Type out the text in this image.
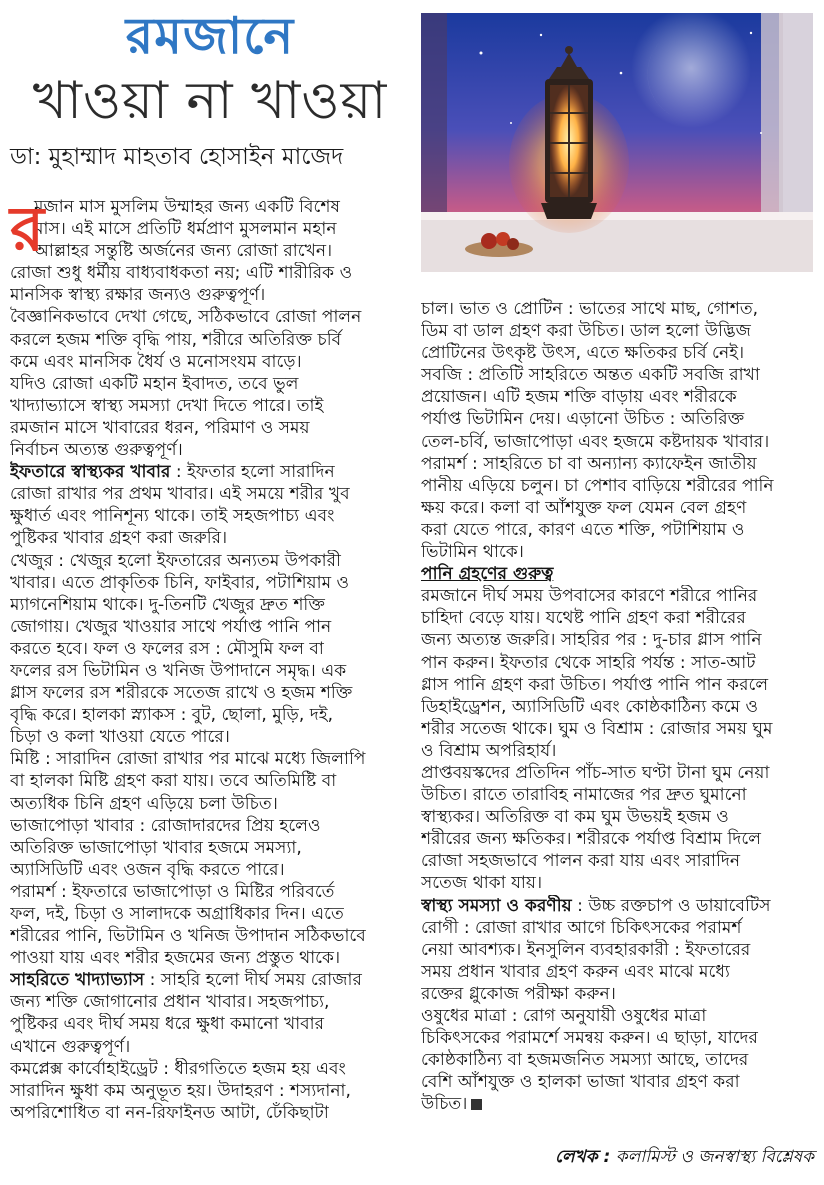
রমজানে
খাওয়া না খাওয়া
ডা: মুহাম্মাদ মাহতাব হোসাইন মাজেদ
র
মজান মাস মুসলিম উম্মাহর জন্য একটি বিশেষ
মাস। এই মাসে প্রতিটি ধর্মপ্রাণ মুসলমান মহান
আল্লাহর সন্তুষ্টি অর্জনের জন্য রোজা রাখেন।
রোজা শুধু ধর্মীয় বাধ্যবাধকতা নয়; এটি শারীরিক ও
মানসিক স্বাস্থ্য রক্ষার জন্যও গুরুত্বপূর্ণ।
বৈজ্ঞানিকভাবে দেখা গেছে, সঠিকভাবে রোজা পালন
করলে হজম শক্তি বৃদ্ধি পায়, শরীরে অতিরিক্ত চর্বি
কমে এবং মানসিক ধৈর্য ও মনোসংযম বাড়ে।
যদিও রোজা একটি মহান ইবাদত, তবে ভুল
খাদ্যাভ্যাসে স্বাস্থ্য সমস্যা দেখা দিতে পারে। তাই
রমজান মাসে খাবারের ধরন, পরিমাণ ও সময়
নির্বাচন অত্যন্ত গুরুত্বপূর্ণ।
ইফতারে স্বাস্থ্যকর খাবার : ইফতার হলো সারাদিন
রোজা রাখার পর প্রথম খাবার। এই সময়ে শরীর খুব
ক্ষুধার্ত এবং পানিশূন্য থাকে। তাই সহজপাচ্য এবং
পুষ্টিকর খাবার গ্রহণ করা জরুরি।
খেজুর : খেজুর হলো ইফতারের অন্যতম উপকারী
খাবার। এতে প্রাকৃতিক চিনি, ফাইবার, পটাশিয়াম ও
ম্যাগনেশিয়াম থাকে। দু-তিনটি খেজুর দ্রুত শক্তি
জোগায়। খেজুর খাওয়ার সাথে পর্যাপ্ত পানি পান
করতে হবে। ফল ও ফলের রস : মৌসুমি ফল বা
ফলের রস ভিটামিন ও খনিজ উপাদানে সমৃদ্ধ। এক
গ্লাস ফলের রস শরীরকে সতেজ রাখে ও হজম শক্তি
বৃদ্ধি করে। হালকা স্ন্যাকস : বুট, ছোলা, মুড়ি, দই,
চিড়া ও কলা খাওয়া যেতে পারে।
মিষ্টি : সারাদিন রোজা রাখার পর মাঝে মধ্যে জিলাপি
বা হালকা মিষ্টি গ্রহণ করা যায়। তবে অতিমিষ্টি বা
অত্যধিক চিনি গ্রহণ এড়িয়ে চলা উচিত।
ভাজাপোড়া খাবার : রোজাদারদের প্রিয় হলেও
অতিরিক্ত ভাজাপোড়া খাবার হজমে সমস্যা,
অ্যাসিডিটি এবং ওজন বৃদ্ধি করতে পারে।
পরামর্শ : ইফতারে ভাজাপোড়া ও মিষ্টির পরিবর্তে
ফল, দই, চিড়া ও সালাদকে অগ্রাধিকার দিন। এতে
শরীরের পানি, ভিটামিন ও খনিজ উপাদান সঠিকভাবে
পাওয়া যায় এবং শরীর হজমের জন্য প্রস্তুত থাকে।
সাহরিতে খাদ্যাভ্যাস : সাহরি হলো দীর্ঘ সময় রোজার
জন্য শক্তি জোগানোর প্রধান খাবার। সহজপাচ্য,
পুষ্টিকর এবং দীর্ঘ সময় ধরে ক্ষুধা কমানো খাবার
এখানে গুরুত্বপূর্ণ।
কমপ্লেক্স কার্বোহাইড্রেট : ধীরগতিতে হজম হয় এবং
সারাদিন ক্ষুধা কম অনুভূত হয়। উদাহরণ : শস্যদানা,
অপরিশোধিত বা নন-রিফাইনড আটা, ঢেঁকিছাটা
চাল। ভাত ও প্রোটিন : ভাতের সাথে মাছ, গোশত,
ডিম বা ডাল গ্রহণ করা উচিত। ডাল হলো উদ্ভিজ
প্রোটিনের উৎকৃষ্ট উৎস, এতে ক্ষতিকর চর্বি নেই।
সবজি : প্রতিটি সাহরিতে অন্তত একটি সবজি রাখা
প্রয়োজন। এটি হজম শক্তি বাড়ায় এবং শরীরকে
পর্যাপ্ত ভিটামিন দেয়। এড়ানো উচিত : অতিরিক্ত
তেল-চর্বি, ভাজাপোড়া এবং হজমে কষ্টদায়ক খাবার।
পরামর্শ : সাহরিতে চা বা অন্যান্য ক্যাফেইন জাতীয়
পানীয় এড়িয়ে চলুন। চা পেশাব বাড়িয়ে শরীরের পানি
ক্ষয় করে। কলা বা আঁশযুক্ত ফল যেমন বেল গ্রহণ
করা যেতে পারে, কারণ এতে শক্তি, পটাশিয়াম ও
ভিটামিন থাকে।
পানি গ্রহণের গুরুত্ব
রমজানে দীর্ঘ সময় উপবাসের কারণে শরীরে পানির
চাহিদা বেড়ে যায়। যথেষ্ট পানি গ্রহণ করা শরীরের
জন্য অত্যন্ত জরুরি। সাহরির পর : দু-চার গ্লাস পানি
পান করুন। ইফতার থেকে সাহরি পর্যন্ত : সাত-আট
গ্লাস পানি গ্রহণ করা উচিত। পর্যাপ্ত পানি পান করলে
ডিহাইড্রেশন, অ্যাসিডিটি এবং কোষ্ঠকাঠিন্য কমে ও
শরীর সতেজ থাকে। ঘুম ও বিশ্রাম : রোজার সময় ঘুম
ও বিশ্রাম অপরিহার্য।
প্রাপ্তবয়স্কদের প্রতিদিন পাঁচ-সাত ঘণ্টা টানা ঘুম নেয়া
উচিত। রাতে তারাবিহ নামাজের পর দ্রুত ঘুমানো
স্বাস্থ্যকর। অতিরিক্ত বা কম ঘুম উভয়ই হজম ও
শরীরের জন্য ক্ষতিকর। শরীরকে পর্যাপ্ত বিশ্রাম দিলে
রোজা সহজভাবে পালন করা যায় এবং সারাদিন
সতেজ থাকা যায়।
স্বাস্থ্য সমস্যা ও করণীয় : উচ্চ রক্তচাপ ও ডায়াবেটিস
রোগী : রোজা রাখার আগে চিকিৎসকের পরামর্শ
নেয়া আবশ্যক। ইনসুলিন ব্যবহারকারী : ইফতারের
সময় প্রধান খাবার গ্রহণ করুন এবং মাঝে মধ্যে
রক্তের গ্লুকোজ পরীক্ষা করুন।
ওষুধের মাত্রা : রোগ অনুযায়ী ওষুধের মাত্রা
চিকিৎসকের পরামর্শে সমন্বয় করুন। এ ছাড়া, যাদের
কোষ্ঠকাঠিন্য বা হজমজনিত সমস্যা আছে, তাদের
বেশি আঁশযুক্ত ও হালকা ভাজা খাবার গ্রহণ করা
উচিত।
লেখক : কলামিস্ট ও জনস্বাস্থ্য বিশ্লেষক
